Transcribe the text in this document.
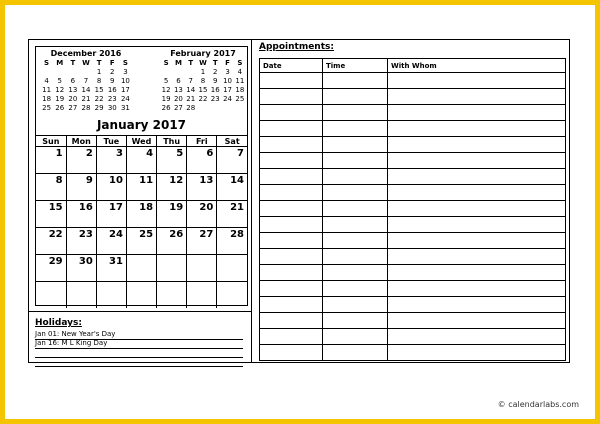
December 2016
S	M	T	W	T	F	S
				1	2	3
4	5	6	7	8	9	10
11	12	13	14	15	16	17
18	19	20	21	22	23	24
25	26	27	28	29	30	31
February 2017
S	M	T	W	T	F	S
			1	2	3	4
5	6	7	8	9	10	11
12	13	14	15	16	17	18
19	20	21	22	23	24	25
26	27	28				
January 2017
Sun	Mon	Tue	Wed	Thu	Fri	Sat
1	2	3	4	5	6	7
8	9	10	11	12	13	14
15	16	17	18	19	20	21
22	23	24	25	26	27	28
29	30	31				

Holidays:
Jan 01: New Year's Day
Jan 16: M L King Day
Appointments:
Date	Time	With Whom

© calendarlabs.com
